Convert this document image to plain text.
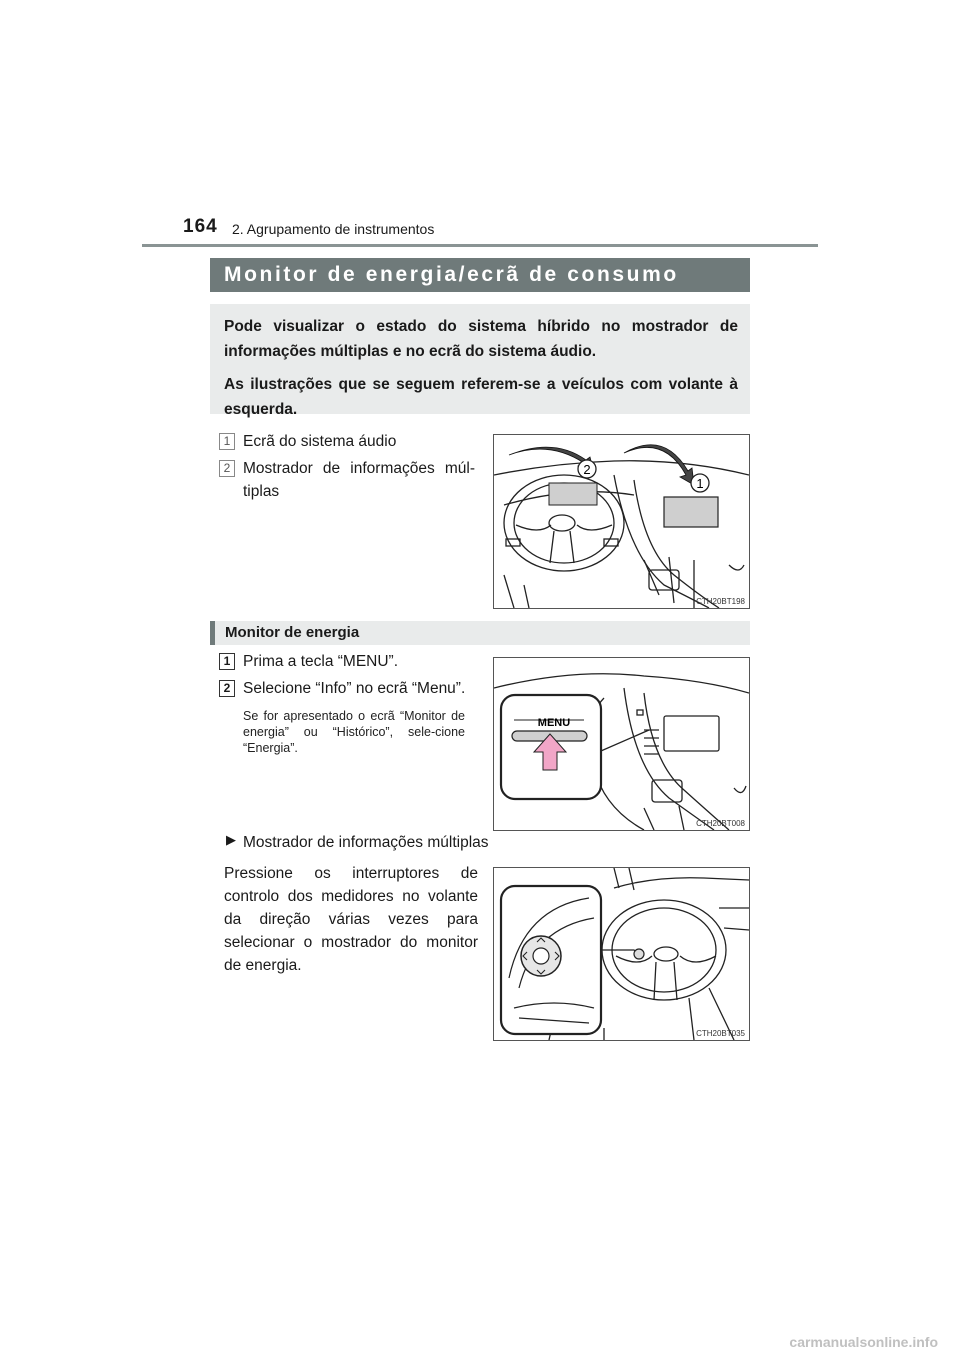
164 2. Agrupamento de instrumentos
Monitor de energia/ecrã de consumo

Pode visualizar o estado do sistema híbrido no mostrador de informações múltiplas e no ecrã do sistema áudio.

As ilustrações que se seguem referem-se a veículos com volante à esquerda.

1 Ecrã do sistema áudio
2 Mostrador de informações múl-tiplas
2
1
CTH20BT198
Monitor de energia
1 Prima a tecla “MENU”.
2 Selecione “Info” no ecrã “Menu”.
Se for apresentado o ecrã “Monitor de energia” ou “Histórico”, sele-cione “Energia”.
MENU
CTH20BT008
▶ Mostrador de informações múltiplas
Pressione os interruptores de controlo dos medidores no volante da direção várias vezes para selecionar o mostrador do monitor de energia.
CTH20BT035
carmanualsonline.info
